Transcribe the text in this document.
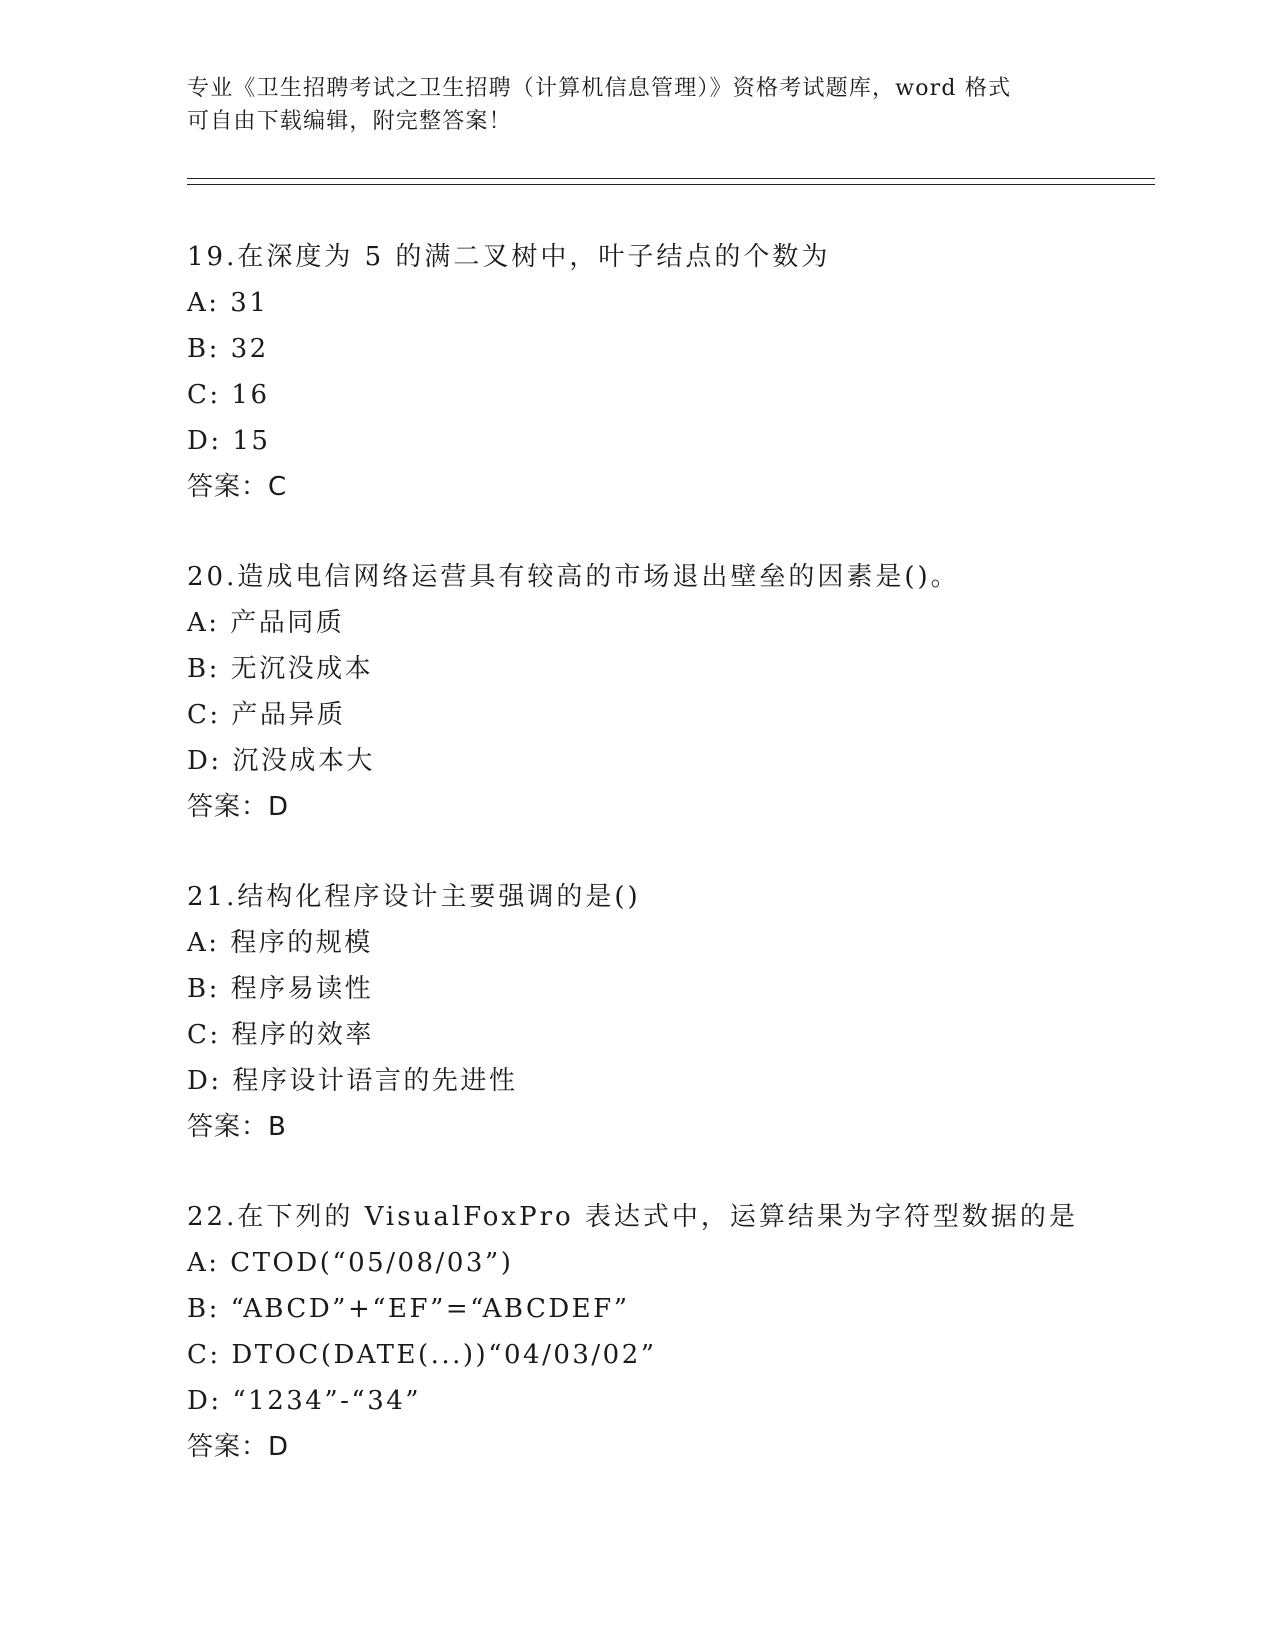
专业《卫生招聘考试之卫生招聘（计算机信息管理）》资格考试题库，word 格式
可自由下载编辑，附完整答案！
19.在深度为 5 的满二叉树中，叶子结点的个数为
A: 31
B: 32
C: 16
D: 15
答案：C
20.造成电信网络运营具有较高的市场退出壁垒的因素是()。
A: 产品同质
B: 无沉没成本
C: 产品异质
D: 沉没成本大
答案：D
21.结构化程序设计主要强调的是()
A: 程序的规模
B: 程序易读性
C: 程序的效率
D: 程序设计语言的先进性
答案：B
22.在下列的 VisualFoxPro 表达式中，运算结果为字符型数据的是
A: CTOD(“05/08/03”)
B: “ABCD”+“EF”=“ABCDEF”
C: DTOC(DATE(...))“04/03/02”
D: “1234”-“34”
答案：D
